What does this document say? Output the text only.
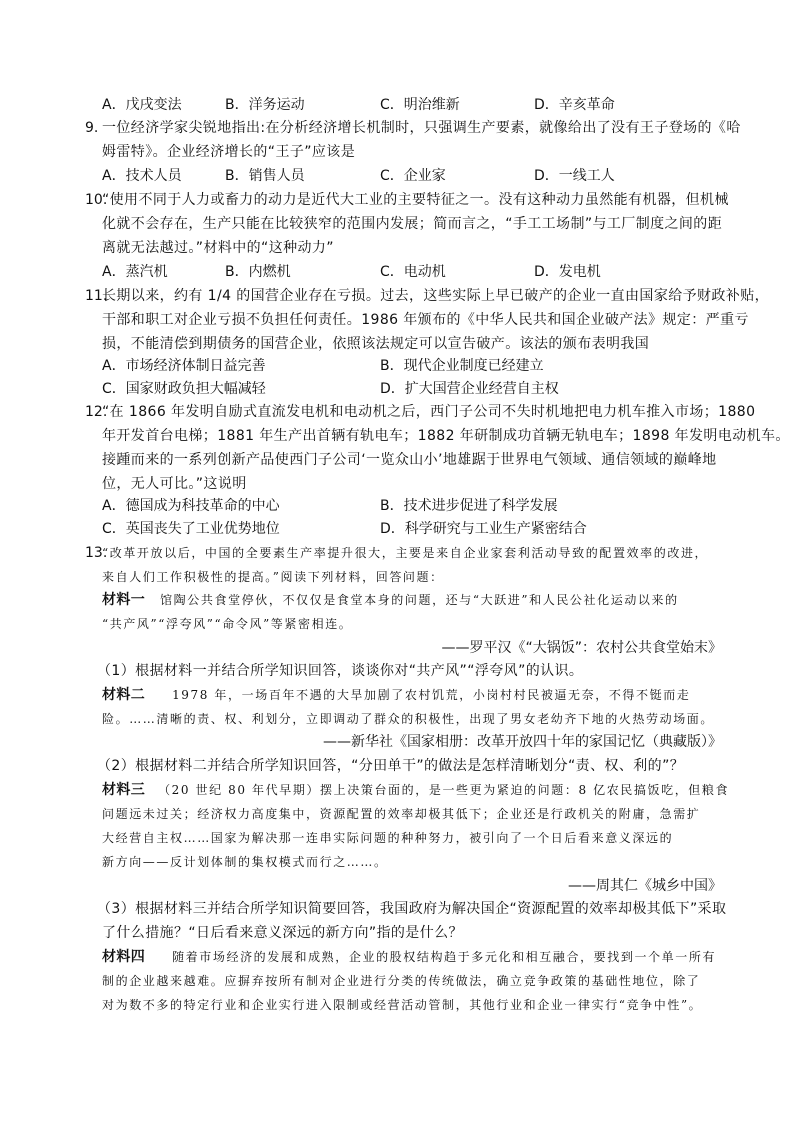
A．戊戌变法	B．洋务运动	C．明治维新	D．辛亥革命
9. 一位经济学家尖锐地指出:在分析经济增长机制时，只强调生产要素，就像给出了没有王子登场的《哈
姆雷特》。企业经济增长的“王子”应该是
A．技术人员	B．销售人员	C．企业家	D．一线工人
10.
“使用不同于人力或畜力的动力是近代大工业的主要特征之一。没有这种动力虽然能有机器，但机械
化就不会存在，生产只能在比较狭窄的范围内发展；简而言之，“手工工场制”与工厂制度之间的距
离就无法越过。”材料中的“这种动力”
A．蒸汽机	B．内燃机	C．电动机	D．发电机
11.
长期以来，约有 1/4 的国营企业存在亏损。过去，这些实际上早已破产的企业一直由国家给予财政补贴，
干部和职工对企业亏损不负担任何责任。1986 年颁布的《中华人民共和国企业破产法》规定：严重亏
损，不能清偿到期债务的国营企业，依照该法规定可以宣告破产。该法的颁布表明我国
A．市场经济体制日益完善	B．现代企业制度已经建立
C．国家财政负担大幅减轻	D．扩大国营企业经营自主权
12.
“在 1866 年发明自励式直流发电机和电动机之后，西门子公司不失时机地把电力机车推入市场；1880
年开发首台电梯；1881 年生产出首辆有轨电车；1882 年研制成功首辆无轨电车；1898 年发明电动机车。
接踵而来的一系列创新产品使西门子公司‘一览众山小’地雄踞于世界电气领域、通信领域的巅峰地
位，无人可比。”这说明
A．德国成为科技革命的中心	B．技术进步促进了科学发展
C．英国丧失了工业优势地位	D．科学研究与工业生产紧密结合
13.
“改革开放以后，中国的全要素生产率提升很大，主要是来自企业家套利活动导致的配置效率的改进，
来自人们工作积极性的提高。”阅读下列材料，回答问题：
材料一 馆陶公共食堂停伙，不仅仅是食堂本身的问题，还与“大跃进”和人民公社化运动以来的
“共产风”“浮夸风”“命令风”等紧密相连。
——罗平汉《“大锅饭”：农村公共食堂始末》
（1）根据材料一并结合所学知识回答，谈谈你对“共产风”“浮夸风”的认识。
材料二 1978 年，一场百年不遇的大旱加剧了农村饥荒，小岗村村民被逼无奈，不得不铤而走
险。……清晰的责、权、利划分，立即调动了群众的积极性，出现了男女老幼齐下地的火热劳动场面。
——新华社《国家相册：改革开放四十年的家国记忆（典藏版）》
（2）根据材料二并结合所学知识回答，“分田单干”的做法是怎样清晰划分“责、权、利的”？
材料三 （20 世纪 80 年代早期）摆上决策台面的，是一些更为紧迫的问题：8 亿农民搞饭吃，但粮食
问题远未过关；经济权力高度集中，资源配置的效率却极其低下；企业还是行政机关的附庸，急需扩
大经营自主权……国家为解决那一连串实际问题的种种努力，被引向了一个日后看来意义深远的
新方向——反计划体制的集权模式而行之……。
——周其仁《城乡中国》
（3）根据材料三并结合所学知识简要回答，我国政府为解决国企“资源配置的效率却极其低下”采取
了什么措施？“日后看来意义深远的新方向”指的是什么？
材料四 随着市场经济的发展和成熟，企业的股权结构趋于多元化和相互融合，要找到一个单一所有
制的企业越来越难。应摒弃按所有制对企业进行分类的传统做法，确立竞争政策的基础性地位，除了
对为数不多的特定行业和企业实行进入限制或经营活动管制，其他行业和企业一律实行“竞争中性”。
